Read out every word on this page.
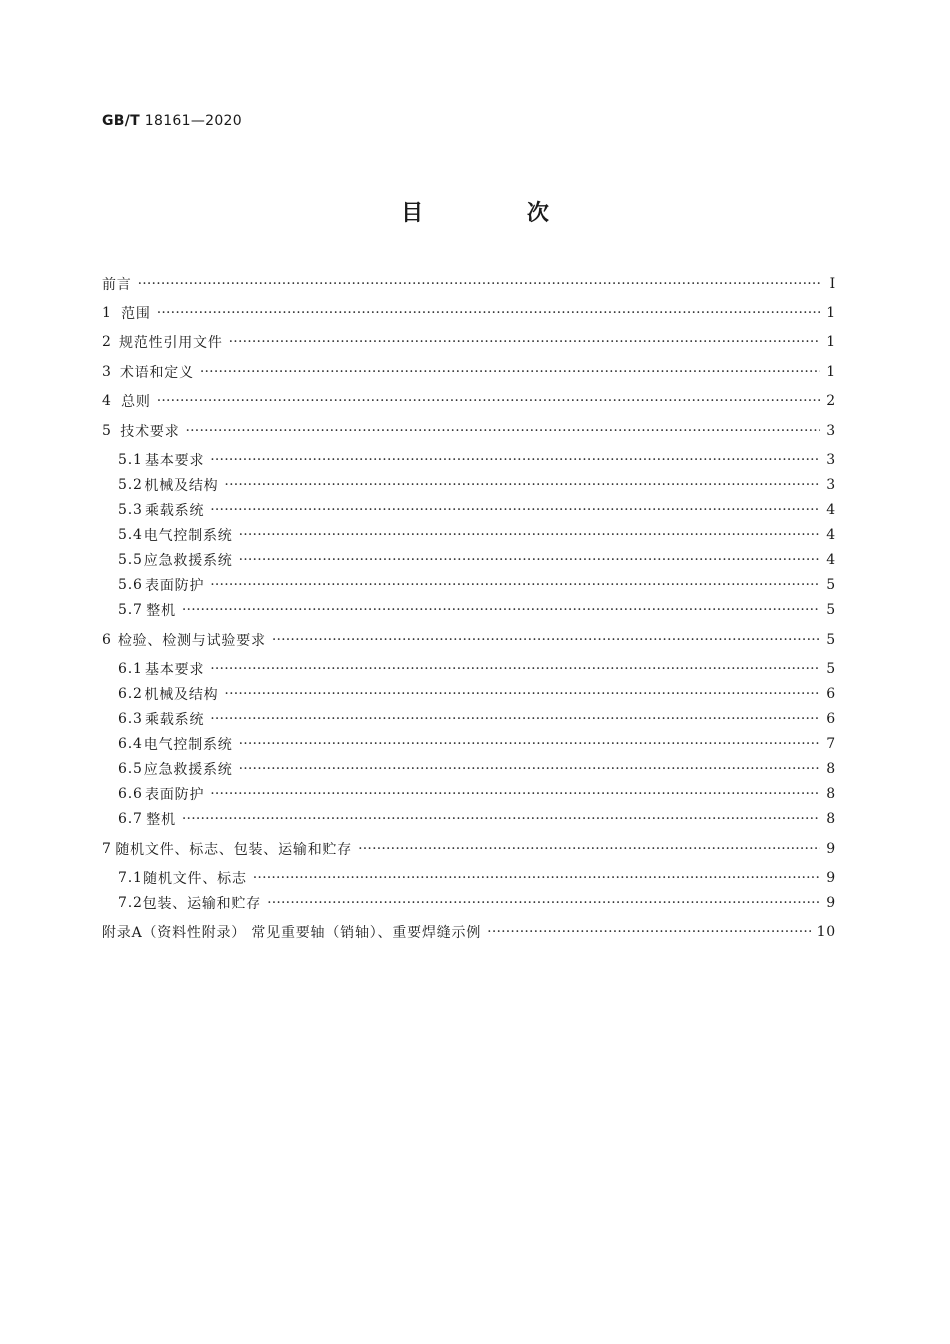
GB/T 18161—2020
目 次
前言 ·····	Ⅰ
1 范围 ·····	1
2 规范性引用文件 ·····	1
3 术语和定义 ·····	1
4 总则 ·····	2
5 技术要求 ·····	3
5.1 基本要求 ·····	3
5.2 机械及结构 ·····	3
5.3 乘载系统 ·····	4
5.4 电气控制系统 ·····	4
5.5 应急救援系统 ·····	4
5.6 表面防护 ·····	5
5.7 整机 ·····	5
6 检验、检测与试验要求 ·····	5
6.1 基本要求 ·····	5
6.2 机械及结构 ·····	6
6.3 乘载系统 ·····	6
6.4 电气控制系统 ·····	7
6.5 应急救援系统 ·····	8
6.6 表面防护 ·····	8
6.7 整机 ·····	8
7 随机文件、标志、包装、运输和贮存 ·····	9
7.1 随机文件、标志 ·····	9
7.2 包装、运输和贮存 ·····	9
附录A（资料性附录） 常见重要轴（销轴）、重要焊缝示例 ·····	10
